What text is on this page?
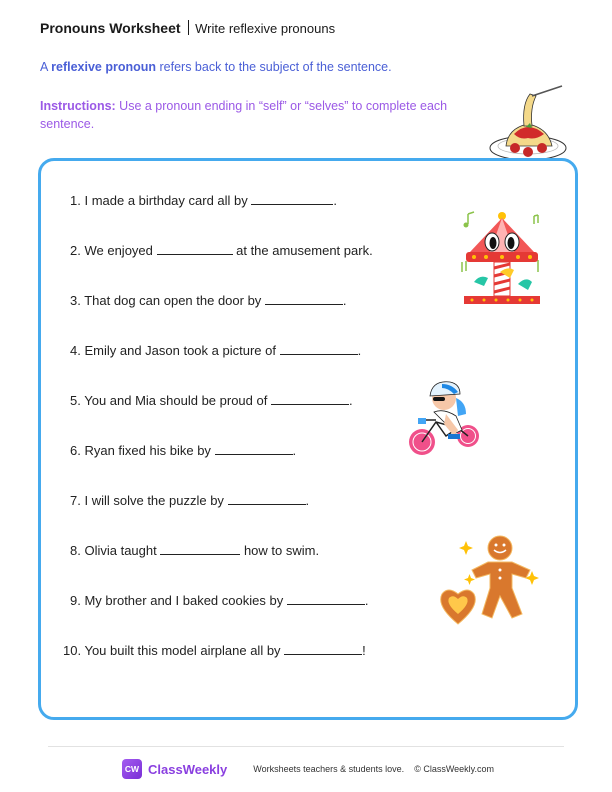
Pronouns Worksheet Write reflexive pronouns
A reflexive pronoun refers back to the subject of the sentence.
Instructions: Use a pronoun ending in “self” or “selves” to complete each sentence.
1. I made a birthday card all by	.
2. We enjoyed	at the amusement park.
3. That dog can open the door by	.
4. Emily and Jason took a picture of	.
5. You and Mia should be proud of	.
6. Ryan fixed his bike by	.
7. I will solve the puzzle by	.
8. Olivia taught	how to swim.
9. My brother and I baked cookies by	.
10. You built this model airplane all by	!
CW ClassWeekly	Worksheets teachers & students love. © ClassWeekly.com
